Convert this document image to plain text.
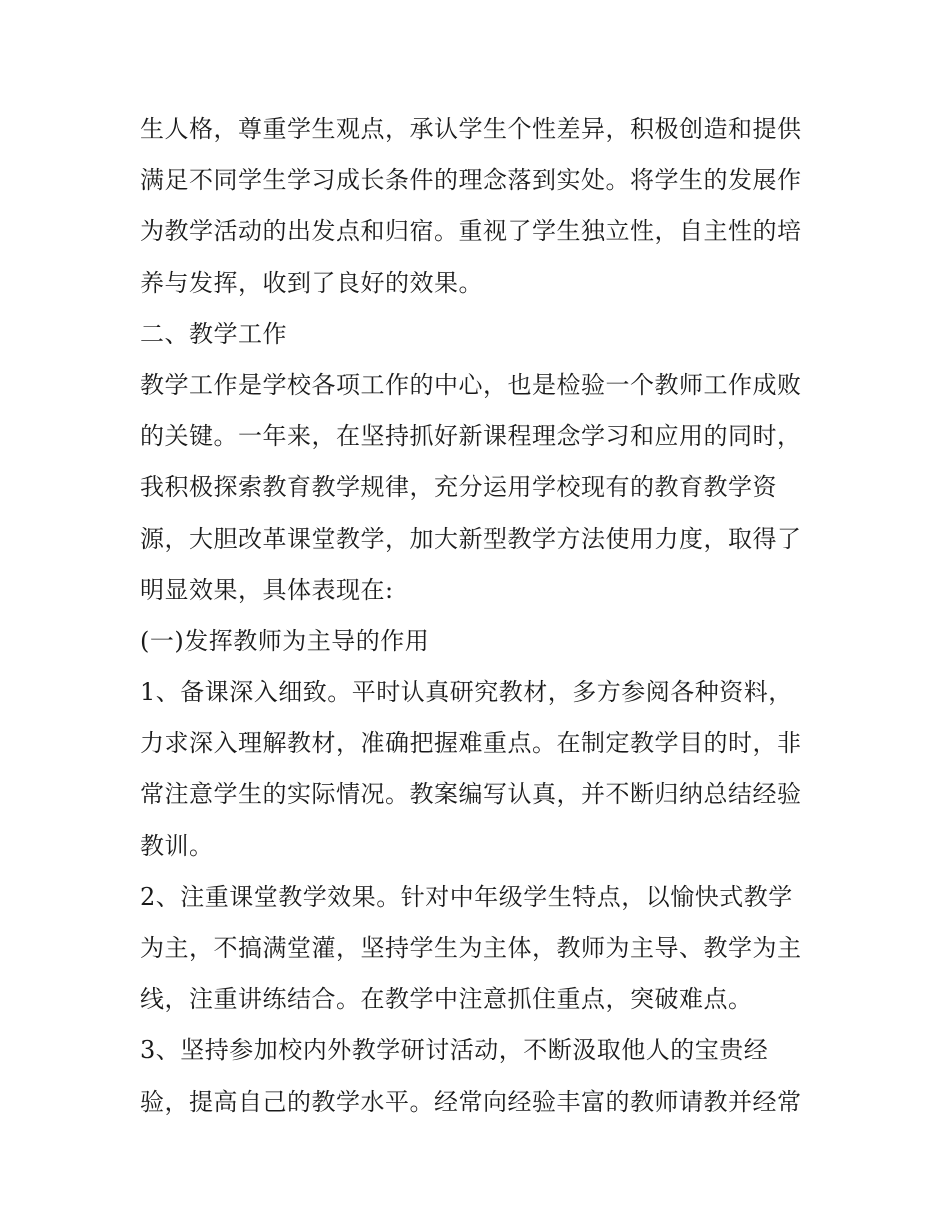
生人格，尊重学生观点，承认学生个性差异，积极创造和提供
满足不同学生学习成长条件的理念落到实处。将学生的发展作
为教学活动的出发点和归宿。重视了学生独立性，自主性的培
养与发挥，收到了良好的效果。
二、教学工作
教学工作是学校各项工作的中心，也是检验一个教师工作成败
的关键。一年来，在坚持抓好新课程理念学习和应用的同时，
我积极探索教育教学规律，充分运用学校现有的教育教学资
源，大胆改革课堂教学，加大新型教学方法使用力度，取得了
明显效果，具体表现在:
(一)发挥教师为主导的作用
1、备课深入细致。平时认真研究教材，多方参阅各种资料，
力求深入理解教材，准确把握难重点。在制定教学目的时，非
常注意学生的实际情况。教案编写认真，并不断归纳总结经验
教训。
2、注重课堂教学效果。针对中年级学生特点，以愉快式教学
为主，不搞满堂灌，坚持学生为主体，教师为主导、教学为主
线，注重讲练结合。在教学中注意抓住重点，突破难点。
3、坚持参加校内外教学研讨活动，不断汲取他人的宝贵经
验，提高自己的教学水平。经常向经验丰富的教师请教并经常
